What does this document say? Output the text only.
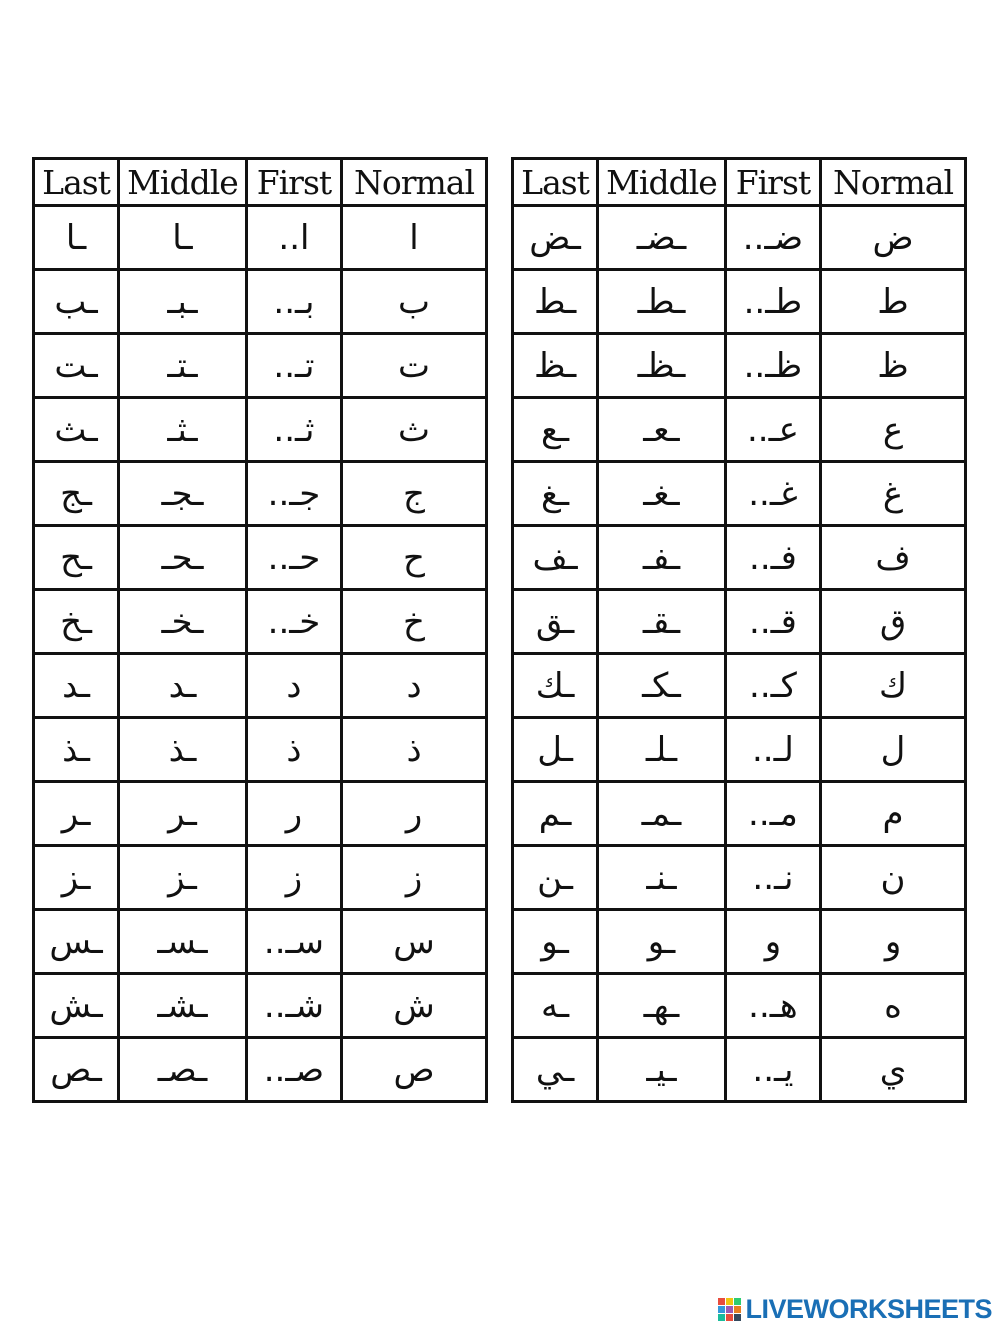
Last	Middle	First	Normal
ـا	ـا	ا..	ا
ـب	ـبـ	بـ..	ب
ـت	ـتـ	تـ..	ت
ـث	ـثـ	ثـ..	ث
ـج	ـجـ	جـ..	ج
ـح	ـحـ	حـ..	ح
ـخ	ـخـ	خـ..	خ
ـد	ـد	د	د
ـذ	ـذ	ذ	ذ
ـر	ـر	ر	ر
ـز	ـز	ز	ز
ـس	ـسـ	سـ..	س
ـش	ـشـ	شـ..	ش
ـص	ـصـ	صـ..	ص
Last	Middle	First	Normal
ـض	ـضـ	ضـ..	ض
ـط	ـطـ	طـ..	ط
ـظ	ـظـ	ظـ..	ظ
ـع	ـعـ	عـ..	ع
ـغ	ـغـ	غـ..	غ
ـف	ـفـ	فـ..	ف
ـق	ـقـ	قـ..	ق
ـك	ـكـ	كـ..	ك
ـل	ـلـ	لـ..	ل
ـم	ـمـ	مـ..	م
ـن	ـنـ	نـ..	ن
ـو	ـو	و	و
ـه	ـهـ	هـ..	ه
ـي	ـيـ	يـ..	ي
LIVEWORKSHEETS
